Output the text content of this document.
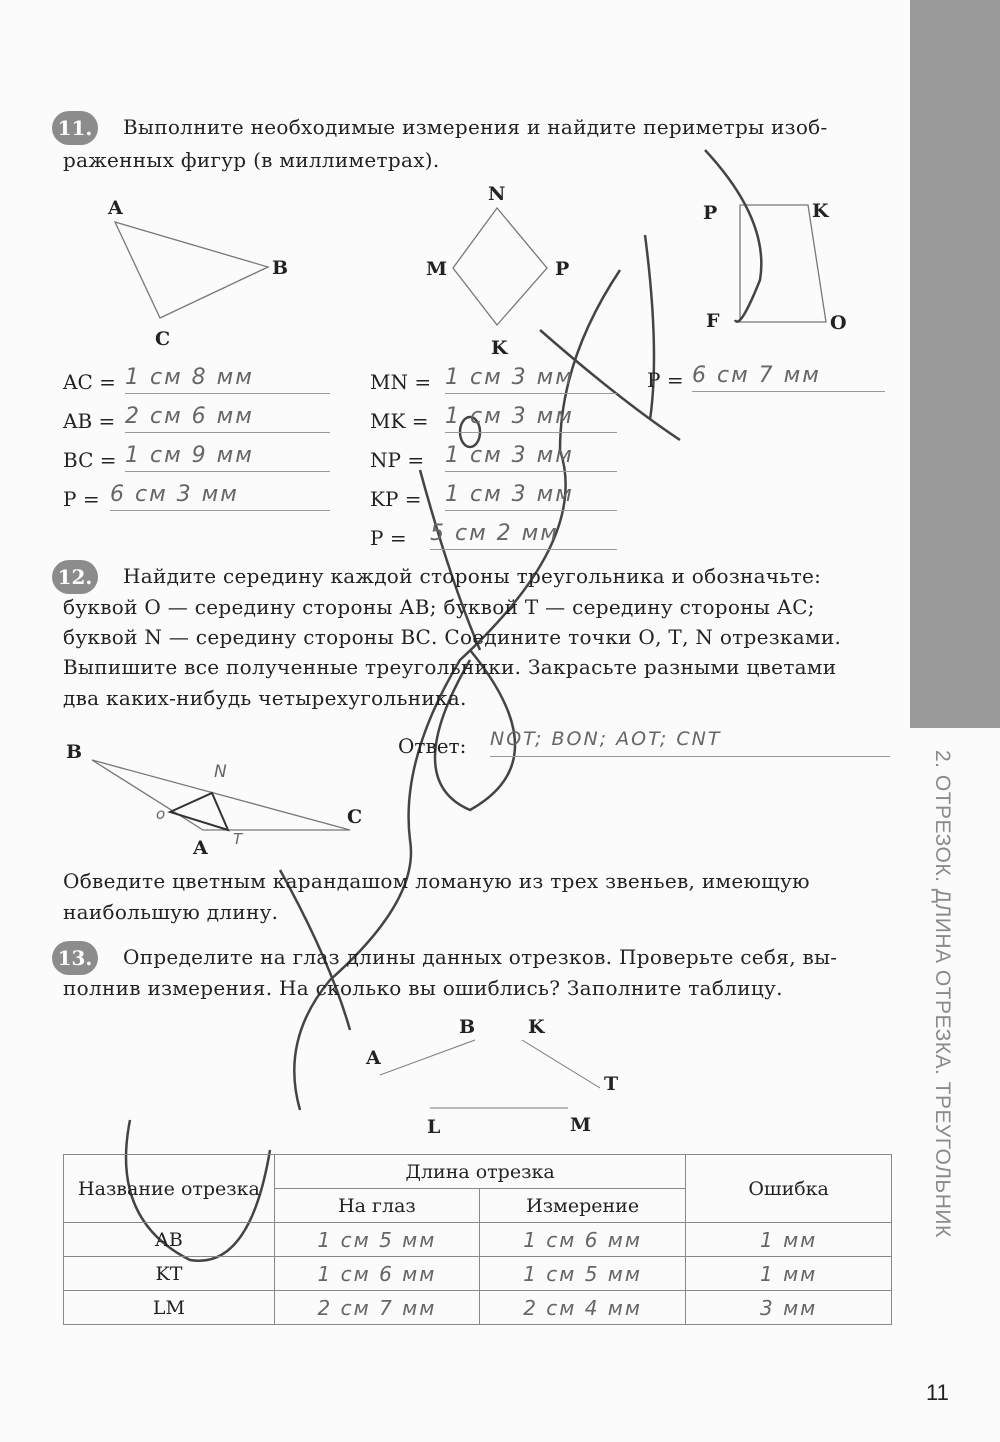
2. ОТРЕЗОК. ДЛИНА ОТРЕЗКА. ТРЕУГОЛЬНИК
11. Выполните необходимые измерения и найдите периметры изоб-
раженных фигур (в миллиметрах).
A
B
C
N
M	P
K
P	K
F	O
AC = 1 см 8 мм
AB = 2 см 6 мм
BC = 1 см 9 мм
P = 6 см 3 мм
MN = 1 см 3 мм
MK = 1 см 3 мм
NP = 1 см 3 мм
KP = 1 см 3 мм
P = 5 см 2 мм
P = 6 см 7 мм
12. Найдите середину каждой стороны треугольника и обозначьте:
буквой О — середину стороны АВ; буквой Т — середину стороны АС;
буквой N — середину стороны ВС. Соедините точки О, Т, N отрезками.
Выпишите все полученные треугольники. Закрасьте разными цветами
два каких-нибудь четырехугольника.
B
C
A
N
o
T
Ответ: NOT; BON; AOT; CNT
Обведите цветным карандашом ломаную из трех звеньев, имеющую
наибольшую длину.
13. Определите на глаз длины данных отрезков. Проверьте себя, вы-
полнив измерения. На сколько вы ошиблись? Заполните таблицу.
A
B	K
T
L	M
Название отрезка	Длина отрезка		Ошибка
	На глаз	Измерение	
AB	1 см 5 мм	1 см 6 мм	1 мм
KT	1 см 6 мм	1 см 5 мм	1 мм
LM	2 см 7 мм	2 см 4 мм	3 мм
11
